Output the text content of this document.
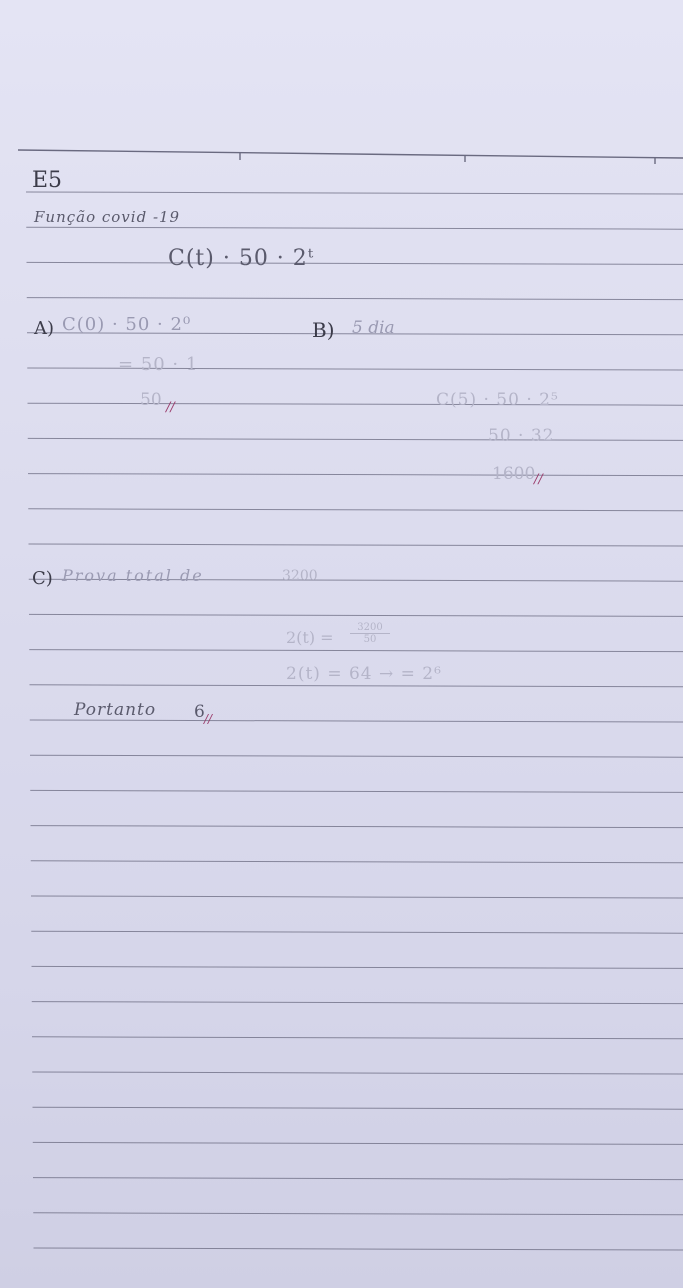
E5
Função covid -19
C(t) · 50 · 2ᵗ
A) C(0) · 50 · 2⁰
= 50 · 1
50 //
B) 5 dia
C(5) · 50 · 2⁵
50 · 32
1600
//
C) Prova total de	3200
$2(t) = \frac{3200}{50}$
2(t) = 64 → = 2⁶
Portanto 6 //
